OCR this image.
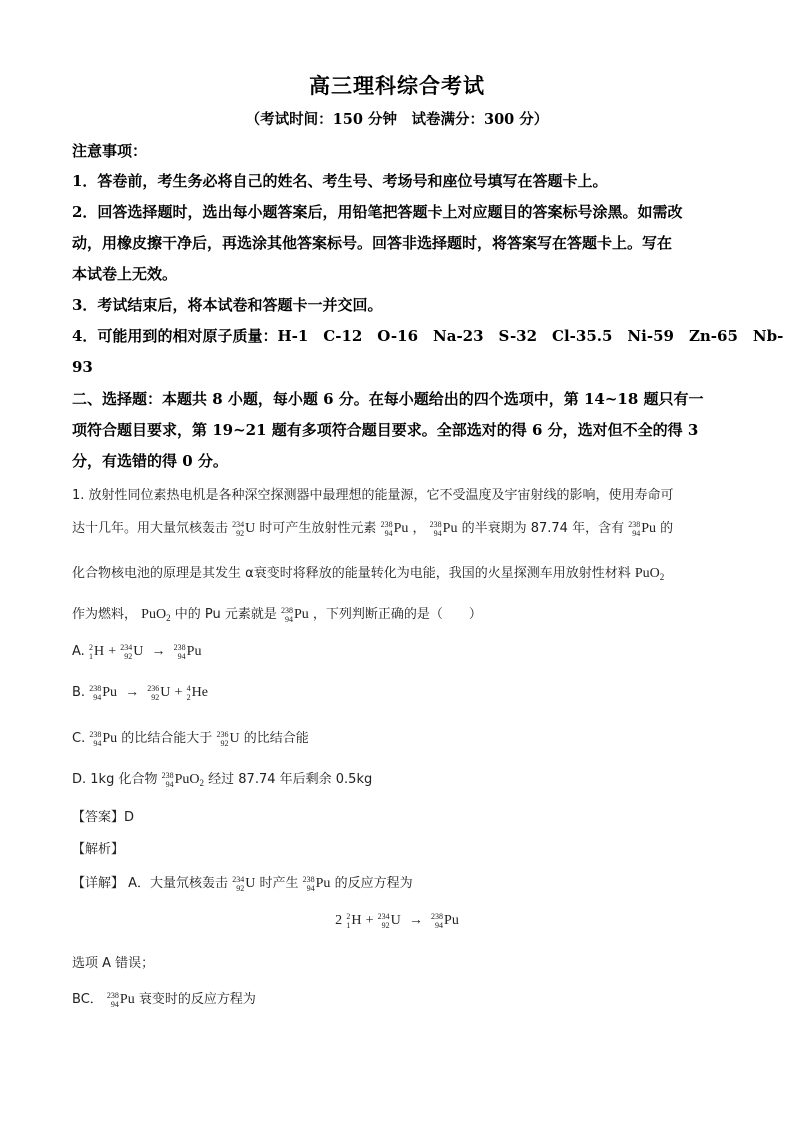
高三理科综合考试
（考试时间：150 分钟　试卷满分：300 分）
注意事项：
1．答卷前，考生务必将自己的姓名、考生号、考场号和座位号填写在答题卡上。
2．回答选择题时，选出每小题答案后，用铅笔把答题卡上对应题目的答案标号涂黑。如需改
动，用橡皮擦干净后，再选涂其他答案标号。回答非选择题时，将答案写在答题卡上。写在
本试卷上无效。
3．考试结束后，将本试卷和答题卡一并交回。
4．可能用到的相对原子质量：H-1　C-12　O-16　Na-23　S-32　Cl-35.5　Ni-59　Zn-65　Nb-
93
二、选择题：本题共 8 小题，每小题 6 分。在每小题给出的四个选项中，第 14~18 题只有一
项符合题目要求，第 19~21 题有多项符合题目要求。全部选对的得 6 分，选对但不全的得 3
分，有选错的得 0 分。
1. 放射性同位素热电机是各种深空探测器中最理想的能量源，它不受温度及宇宙射线的影响，使用寿命可
达十几年。用大量氘核轰击 234
92 U 时可产生放射性元素 238
94 Pu ， 238
94 Pu 的半衰期为 87.74 年，含有 238
94 Pu 的
化合物核电池的原理是其发生 α衰变时将释放的能量转化为电能，我国的火星探测车用放射性材料 PuO$_2$
作为燃料， PuO$_2$ 中的 Pu 元素就是 238
94 Pu ，下列判断正确的是（　　）
A. 2
1 H + 234
92 U → 238
94 Pu
B. 238
94 Pu → 236
92 U + 4
2 He
C. 238
94 Pu 的比结合能大于 236
92 U 的比结合能
D. 1kg 化合物 238
94 PuO$_2$ 经过 87.74 年后剩余 0.5kg
【答案】D
【解析】
【详解】 A．大量氘核轰击 234
92 U 时产生 238
94 Pu 的反应方程为
2 2
1 H + 234
92 U → 238
94 Pu
选项 A 错误；
BC． 238
94 Pu 衰变时的反应方程为
